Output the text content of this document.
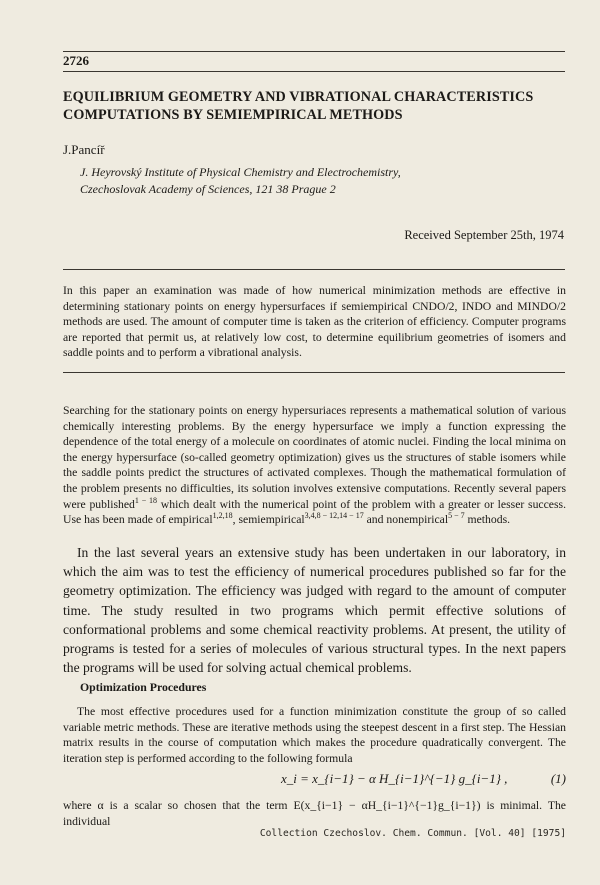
2726
EQUILIBRIUM GEOMETRY AND VIBRATIONAL CHARACTERISTICS COMPUTATIONS BY SEMIEMPIRICAL METHODS
J.Pancíř
J. Heyrovský Institute of Physical Chemistry and Electrochemistry,
Czechoslovak Academy of Sciences, 121 38 Prague 2
Received September 25th, 1974

In this paper an examination was made of how numerical minimization methods are effective in determining stationary points on energy hypersurfaces if semiempirical CNDO/2, INDO and MINDO/2 methods are used. The amount of computer time is taken as the criterion of efficiency. Computer programs are reported that permit us, at relatively low cost, to determine equilibrium geometries of isomers and saddle points and to perform a vibrational analysis.

Searching for the stationary points on energy hypersuriaces represents a mathematical solution of various chemically interesting problems. By the energy hypersurface we imply a function expressing the dependence of the total energy of a molecule on coordinates of atomic nuclei. Finding the local minima on the energy hypersurface (so-called geometry optimization) gives us the structures of stable isomers while the saddle points predict the structures of activated complexes. Though the mathematical formulation of the problem presents no difficulties, its solution involves extensive computations. Recently several papers were published$^{1 - 18}$ which dealt with the numerical point of the problem with a greater or lesser success. Use has been made of empirical$^{1,2,18}$, semiempirical$^{3,4,8 - 12,14 - 17}$ and nonempirical$^{5 - 7}$ methods.

In the last several years an extensive study has been undertaken in our laboratory, in which the aim was to test the efficiency of numerical procedures published so far for the geometry optimization. The efficiency was judged with regard to the amount of computer time. The study resulted in two programs which permit effective solutions of conformational problems and some chemical reactivity problems. At present, the utility of programs is tested for a series of molecules of various structural types. In the next papers the programs will be used for solving actual chemical problems.

Optimization Procedures

The most effective procedures used for a function minimization constitute the group of so called variable metric methods. These are iterative methods using the steepest descent in a first step. The Hessian matrix results in the course of computation which makes the procedure quadratically convergent. The iteration step is performed according to the following formula

x_i = x_{i−1} − α H_{i−1}^{−1} g_{i−1} ,	(1)

where α is a scalar so chosen that the term E(x_{i−1} − αH_{i−1}^{−1}g_{i−1}) is minimal. The individual

Collection Czechoslov. Chem. Commun. [Vol. 40] [1975]
